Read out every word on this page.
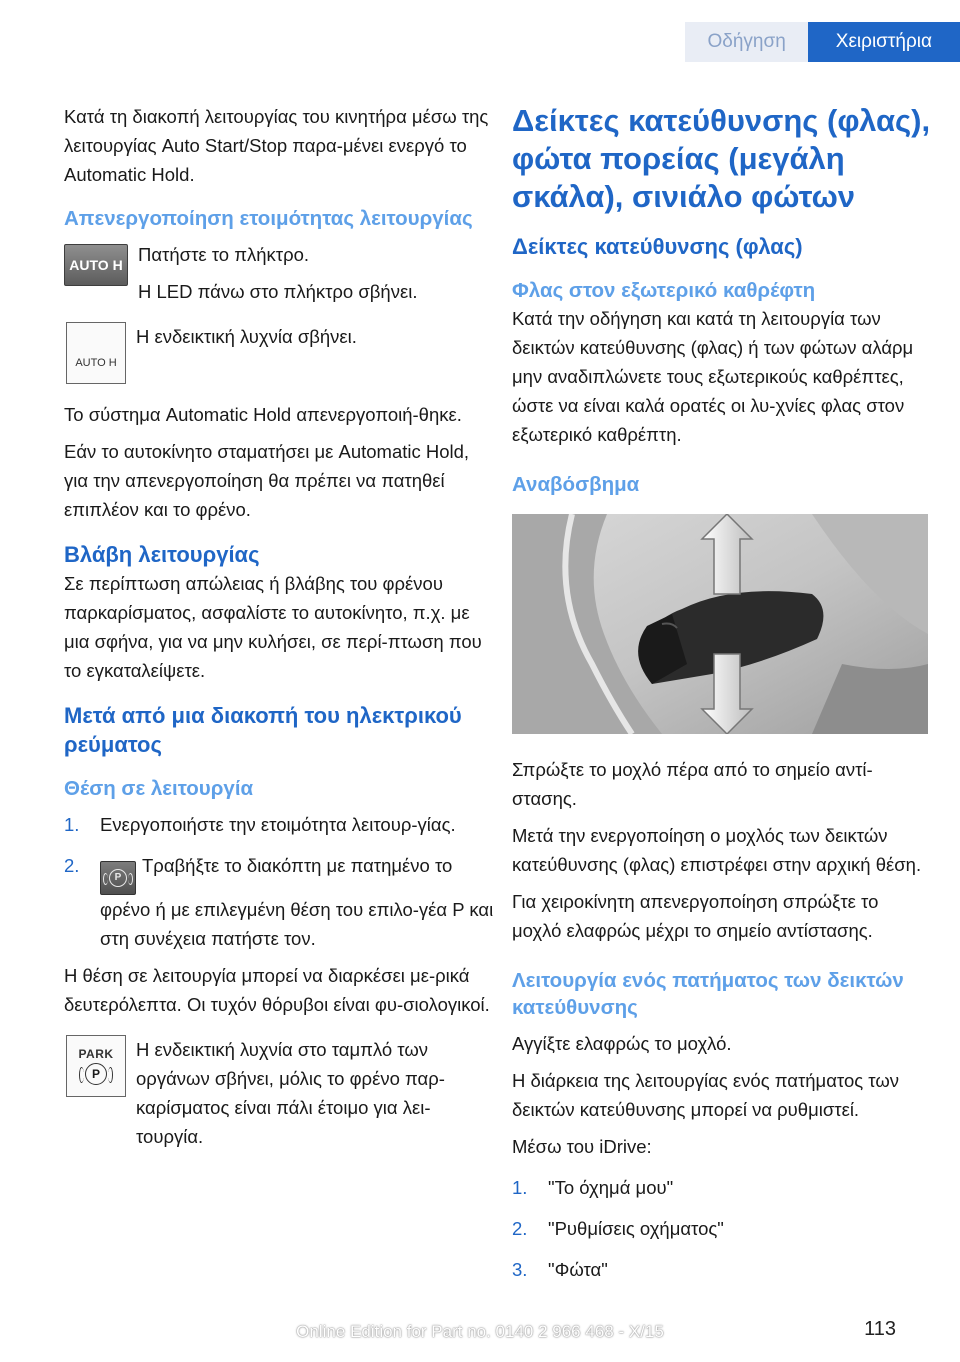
Οδήγηση	Χειριστήρια

Κατά τη διακοπή λειτουργίας του κινητήρα μέσω της λειτουργίας Auto Start/Stop παρα-μένει ενεργό το Automatic Hold.

Απενεργοποίηση ετοιμότητας λειτουργίας
AUTO H Πατήστε το πλήκτρο.

Η LED πάνω στο πλήκτρο σβήνει.

AUTO H

Η ενδεικτική λυχνία σβήνει.

Το σύστημα Automatic Hold απενεργοποιή-θηκε.

Εάν το αυτοκίνητο σταματήσει με Automatic Hold, για την απενεργοποίηση θα πρέπει να πατηθεί επιπλέον και το φρένο.

Βλάβη λειτουργίας

Σε περίπτωση απώλειας ή βλάβης του φρένου παρκαρίσματος, ασφαλίστε το αυτοκίνητο, π.χ. με μια σφήνα, για να μην κυλήσει, σε περί-πτωση που το εγκαταλείψετε.

Μετά από μια διακοπή του ηλεκτρικού ρεύματος
Θέση σε λειτουργία
1.	Ενεργοποιήστε την ετοιμότητα λειτουρ-γίας.
2.
P
Τραβήξτε το διακόπτη με πατημένο το φρένο ή με επιλεγμένη θέση του επιλο-γέα P και στη συνέχεια πατήστε τον.

Η θέση σε λειτουργία μπορεί να διαρκέσει με-ρικά δευτερόλεπτα. Οι τυχόν θόρυβοι είναι φυ-σιολογικοί.

PARK
P

Η ενδεικτική λυχνία στο ταμπλό των οργάνων σβήνει, μόλις το φρένο παρ-καρίσματος είναι πάλι έτοιμο για λει-τουργία.

Δείκτες κατεύθυνσης (φλας), φώτα πορείας (μεγάλη σκάλα), σινιάλο φώτων
Δείκτες κατεύθυνσης (φλας)
Φλας στον εξωτερικό καθρέφτη

Κατά την οδήγηση και κατά τη λειτουργία των δεικτών κατεύθυνσης (φλας) ή των φώτων αλάρμ μην αναδιπλώνετε τους εξωτερικούς καθρέπτες, ώστε να είναι καλά ορατές οι λυ-χνίες φλας στον εξωτερικό καθρέπτη.

Αναβόσβημα

Σπρώξτε το μοχλό πέρα από το σημείο αντί-στασης.

Μετά την ενεργοποίηση ο μοχλός των δεικτών κατεύθυνσης (φλας) επιστρέφει στην αρχική θέση.

Για χειροκίνητη απενεργοποίηση σπρώξτε το μοχλό ελαφρώς μέχρι το σημείο αντίστασης.

Λειτουργία ενός πατήματος των δεικτών κατεύθυνσης

Αγγίξτε ελαφρώς το μοχλό.

Η διάρκεια της λειτουργίας ενός πατήματος των δεικτών κατεύθυνσης μπορεί να ρυθμιστεί.

Μέσω του iDrive:

1.	"Το όχημά μου"
2.	"Ρυθμίσεις οχήματος"
3.	"Φώτα"
Online Edition for Part no. 0140 2 966 468 - X/15	113
